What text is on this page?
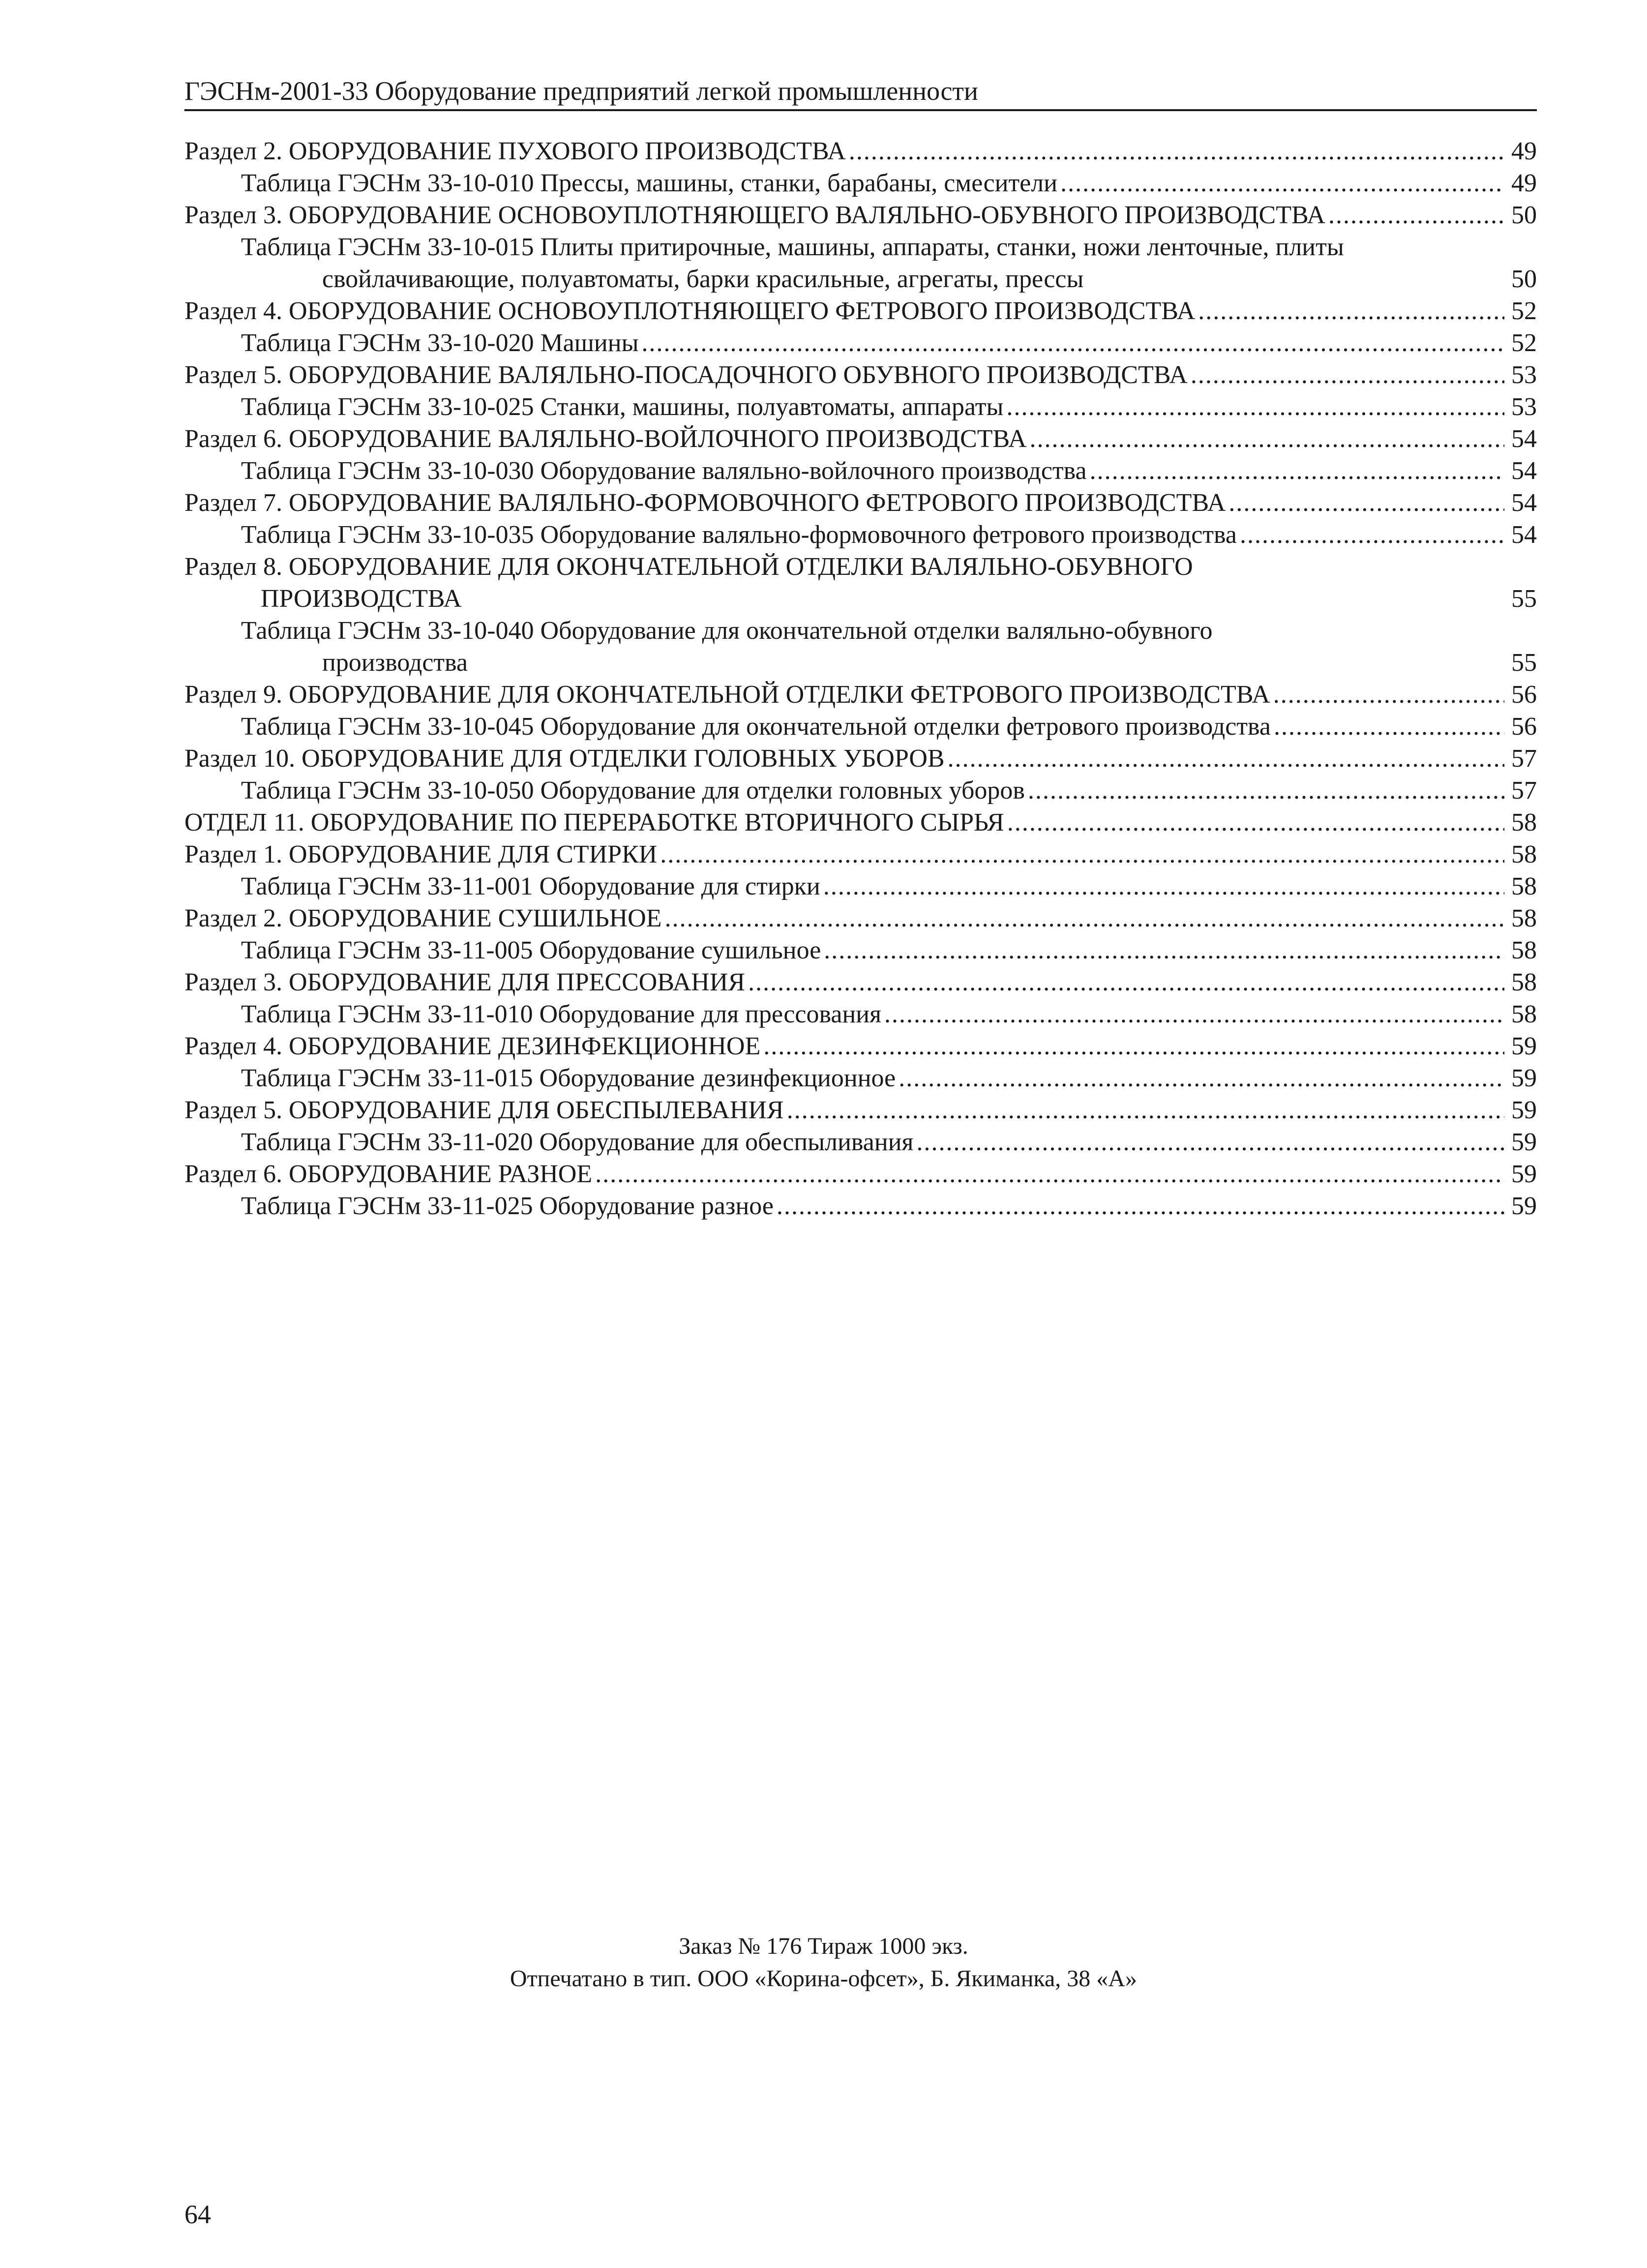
ГЭСНм-2001-33 Оборудование предприятий легкой промышленности
Раздел 2. ОБОРУДОВАНИЕ ПУХОВОГО ПРОИЗВОДСТВА .....	49
Таблица ГЭСНм 33-10-010 Прессы, машины, станки, барабаны, смесители .....	49
Раздел 3. ОБОРУДОВАНИЕ ОСНОВОУПЛОТНЯЮЩЕГО ВАЛЯЛЬНО-ОБУВНОГО ПРОИЗВОДСТВА .....	50
Таблица ГЭСНм 33-10-015 Плиты притирочные, машины, аппараты, станки, ножи ленточные, плиты
свойлачивающие, полуавтоматы, барки красильные, агрегаты, прессы	50
Раздел 4. ОБОРУДОВАНИЕ ОСНОВОУПЛОТНЯЮЩЕГО ФЕТРОВОГО ПРОИЗВОДСТВА .....	52
Таблица ГЭСНм 33-10-020 Машины .....	52
Раздел 5. ОБОРУДОВАНИЕ ВАЛЯЛЬНО-ПОСАДОЧНОГО ОБУВНОГО ПРОИЗВОДСТВА .....	53
Таблица ГЭСНм 33-10-025 Станки, машины, полуавтоматы, аппараты .....	53
Раздел 6. ОБОРУДОВАНИЕ ВАЛЯЛЬНО-ВОЙЛОЧНОГО ПРОИЗВОДСТВА .....	54
Таблица ГЭСНм 33-10-030 Оборудование валяльно-войлочного производства .....	54
Раздел 7. ОБОРУДОВАНИЕ ВАЛЯЛЬНО-ФОРМОВОЧНОГО ФЕТРОВОГО ПРОИЗВОДСТВА .....	54
Таблица ГЭСНм 33-10-035 Оборудование валяльно-формовочного фетрового производства .....	54
Раздел 8. ОБОРУДОВАНИЕ ДЛЯ ОКОНЧАТЕЛЬНОЙ ОТДЕЛКИ ВАЛЯЛЬНО-ОБУВНОГО
ПРОИЗВОДСТВА	55
Таблица ГЭСНм 33-10-040 Оборудование для окончательной отделки валяльно-обувного
производства	55
Раздел 9. ОБОРУДОВАНИЕ ДЛЯ ОКОНЧАТЕЛЬНОЙ ОТДЕЛКИ ФЕТРОВОГО ПРОИЗВОДСТВА .....	56
Таблица ГЭСНм 33-10-045 Оборудование для окончательной отделки фетрового производства .....	56
Раздел 10. ОБОРУДОВАНИЕ ДЛЯ ОТДЕЛКИ ГОЛОВНЫХ УБОРОВ .....	57
Таблица ГЭСНм 33-10-050 Оборудование для отделки головных уборов .....	57
ОТДЕЛ 11. ОБОРУДОВАНИЕ ПО ПЕРЕРАБОТКЕ ВТОРИЧНОГО СЫРЬЯ .....	58
Раздел 1. ОБОРУДОВАНИЕ ДЛЯ СТИРКИ .....	58
Таблица ГЭСНм 33-11-001 Оборудование для стирки .....	58
Раздел 2. ОБОРУДОВАНИЕ СУШИЛЬНОЕ .....	58
Таблица ГЭСНм 33-11-005 Оборудование сушильное .....	58
Раздел 3. ОБОРУДОВАНИЕ ДЛЯ ПРЕССОВАНИЯ .....	58
Таблица ГЭСНм 33-11-010 Оборудование для прессования .....	58
Раздел 4. ОБОРУДОВАНИЕ ДЕЗИНФЕКЦИОННОЕ .....	59
Таблица ГЭСНм 33-11-015 Оборудование дезинфекционное .....	59
Раздел 5. ОБОРУДОВАНИЕ ДЛЯ ОБЕСПЫЛЕВАНИЯ .....	59
Таблица ГЭСНм 33-11-020 Оборудование для обеспыливания .....	59
Раздел 6. ОБОРУДОВАНИЕ РАЗНОЕ .....	59
Таблица ГЭСНм 33-11-025 Оборудование разное .....	59
Заказ № 176 Тираж 1000 экз.
Отпечатано в тип. ООО «Корина-офсет», Б. Якиманка, 38 «А»
64
